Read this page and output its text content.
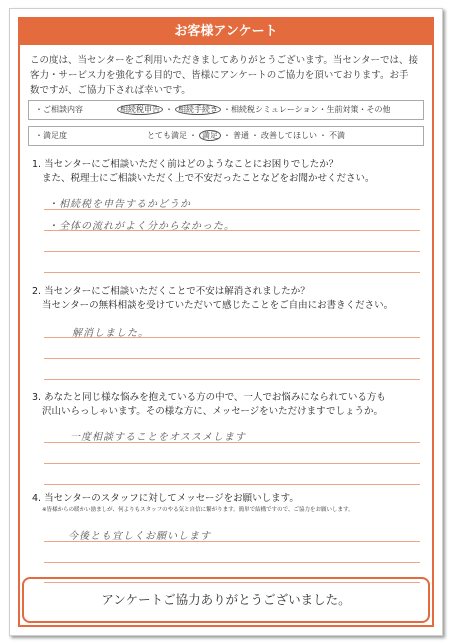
お客様アンケート
この度は、当センターをご利用いただきましてありがとうございます。当センターでは、接
客力・サービス力を強化する目的で、皆様にアンケートのご協力を頂いております。お手
数ですが、ご協力下されば幸いです。
・ご相談内容	相続税申告 ・ 相続手続き ・相続税シミュレーション・生前対策・その他
・満足度	とても満足 ・ 満足 ・ 普通 ・ 改善してほしい ・ 不満
1. 当センターにご相談いただく前はどのようなことにお困りでしたか？
また、税理士にご相談いただく上で不安だったことなどをお聞かせください。
・相続税を申告するかどうか
・全体の流れがよく分からなかった。
2. 当センターにご相談いただくことで不安は解消されましたか？
当センターの無料相談を受けていただいて感じたことをご自由にお書きください。
解消しました。
3. あなたと同じ様な悩みを抱えている方の中で、一人でお悩みになられている方も
沢山いらっしゃいます。その様な方に、メッセージをいただけますでしょうか。
一度相談することをオススメします
4. 当センターのスタッフに対してメッセージをお願いします。
※皆様からの暖かい励ましが、何よりもスタッフのやる気と自信に繋がります。簡単で結構ですので、ご協力をお願いします。
今後とも宜しくお願いします
アンケートご協力ありがとうございました。
